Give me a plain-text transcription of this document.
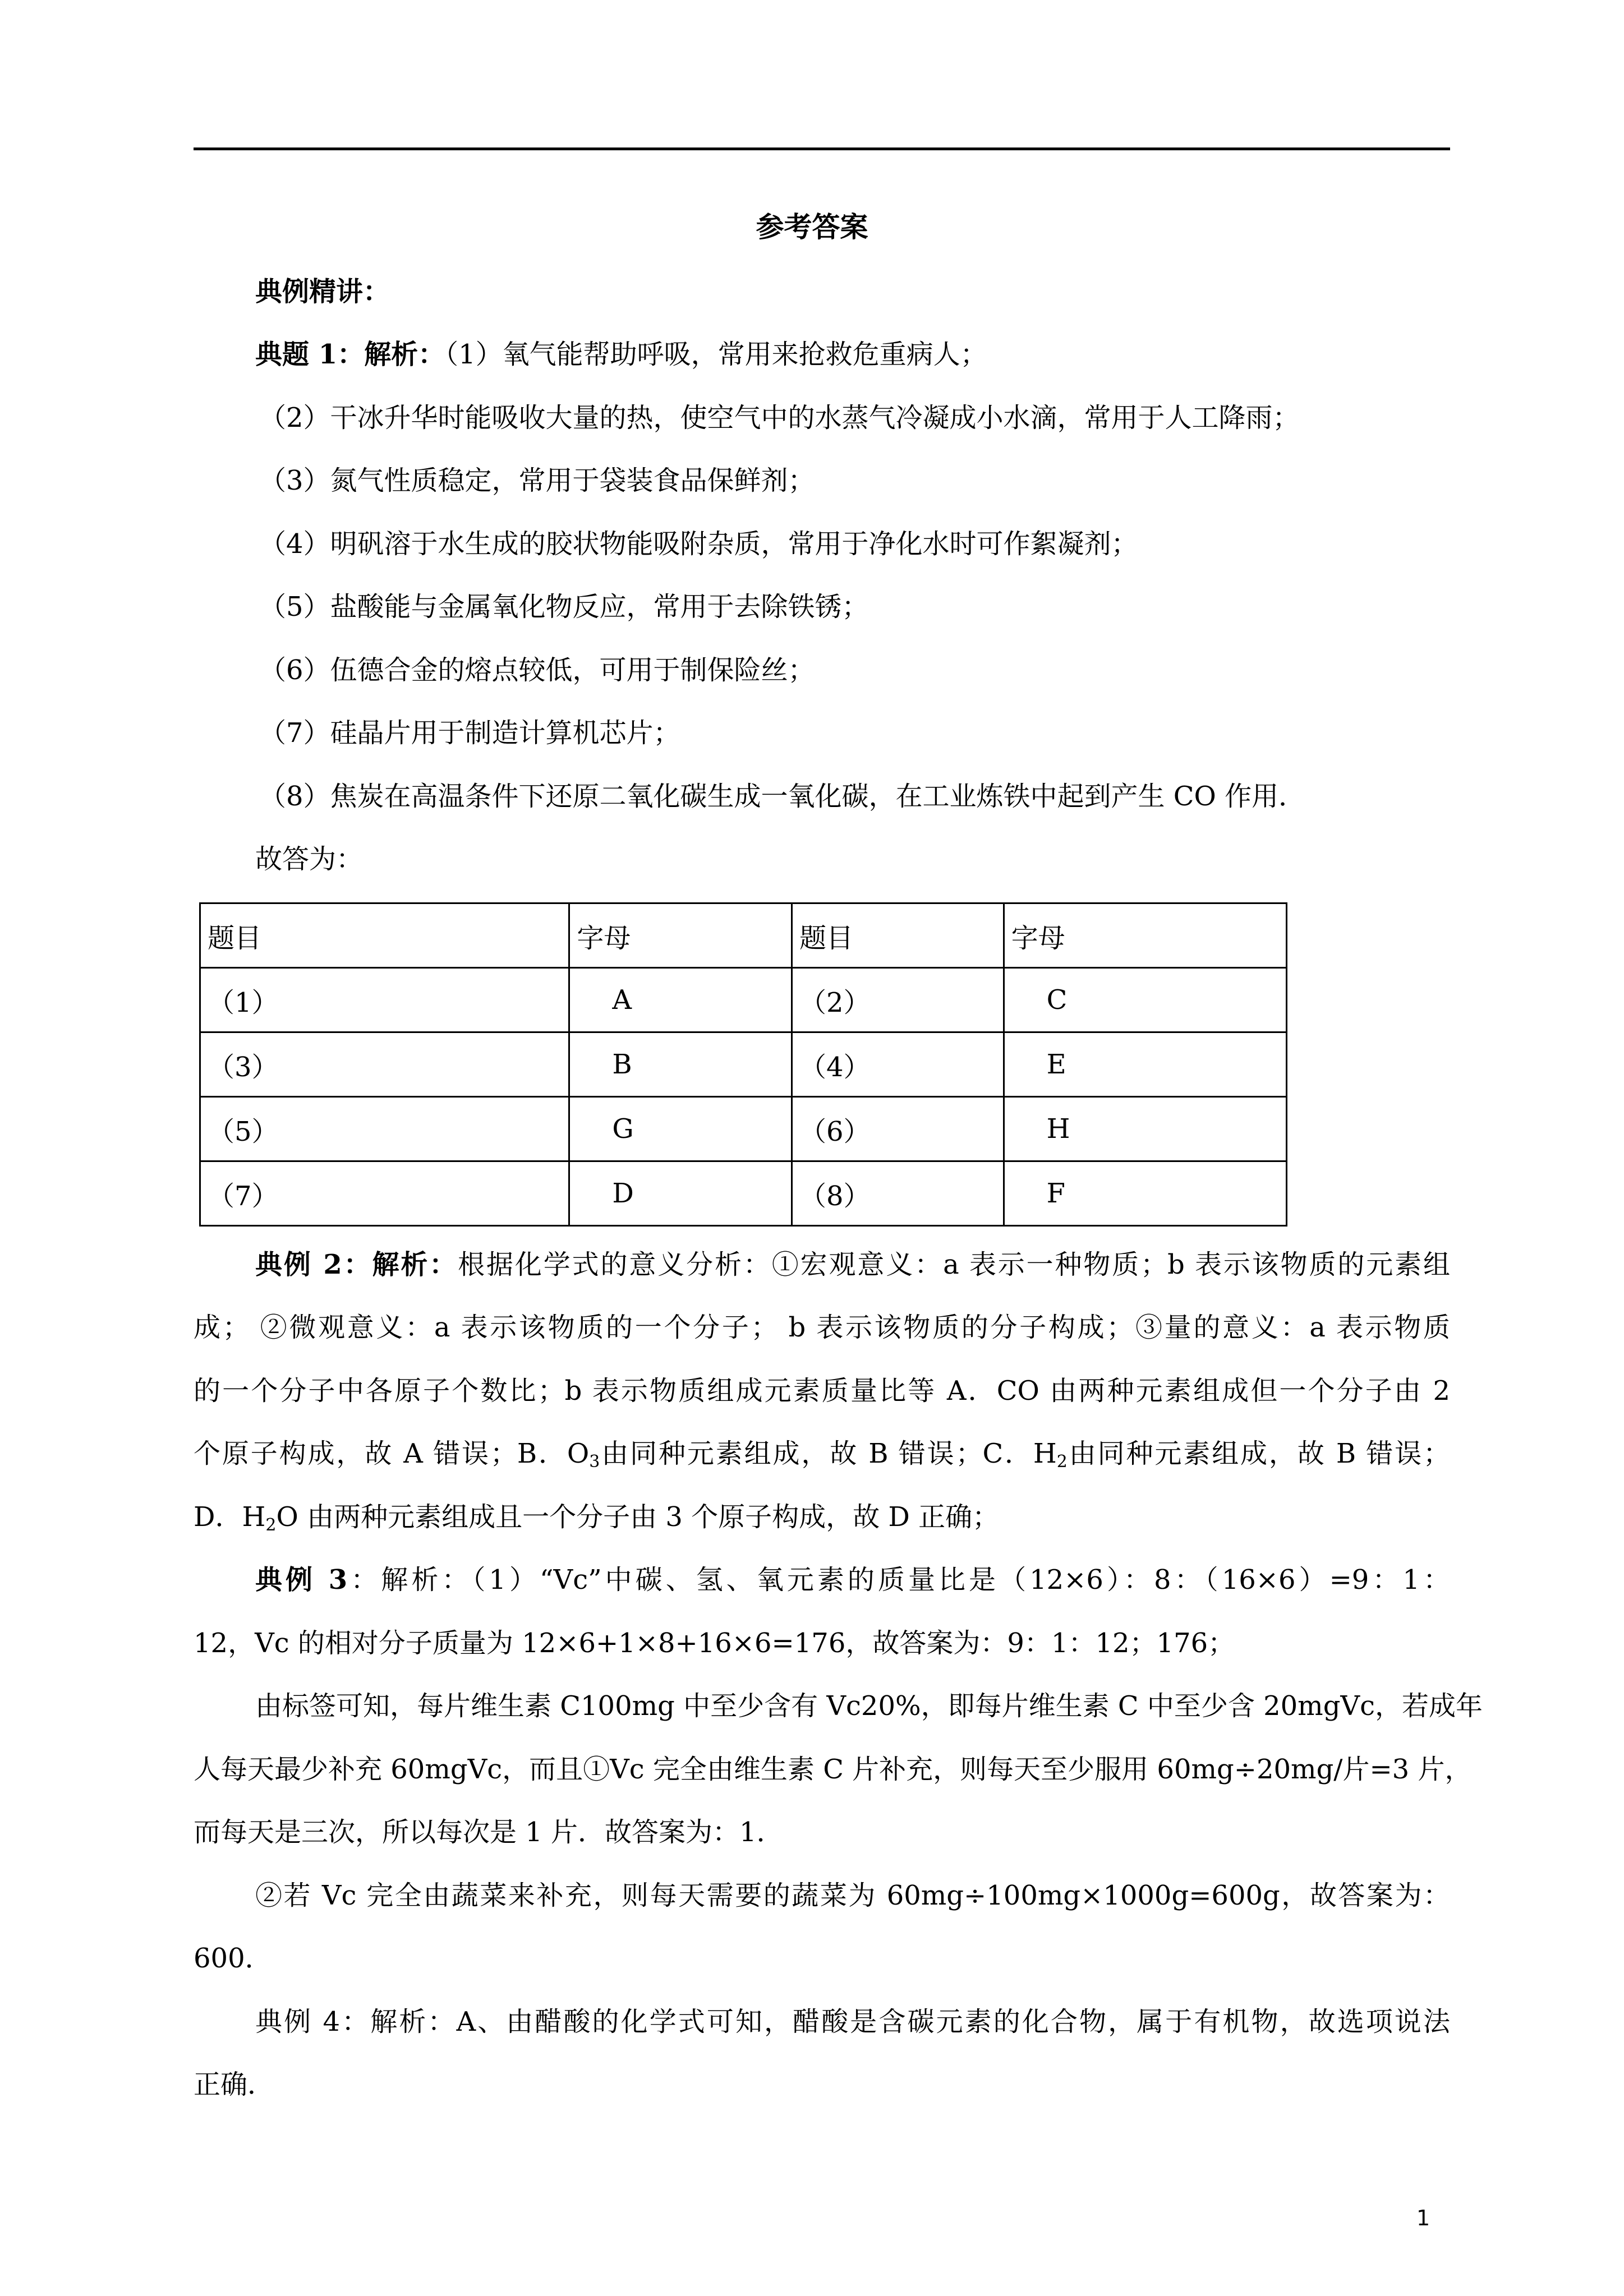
参考答案
典例精讲：
典题 1：解析：（1）氧气能帮助呼吸，常用来抢救危重病人；
（2）干冰升华时能吸收大量的热，使空气中的水蒸气冷凝成小水滴，常用于人工降雨；
（3）氮气性质稳定，常用于袋装食品保鲜剂；
（4）明矾溶于水生成的胶状物能吸附杂质，常用于净化水时可作絮凝剂；
（5）盐酸能与金属氧化物反应，常用于去除铁锈；
（6）伍德合金的熔点较低，可用于制保险丝；
（7）硅晶片用于制造计算机芯片；
（8）焦炭在高温条件下还原二氧化碳生成一氧化碳，在工业炼铁中起到产生 CO 作用．
故答为：
题目	字母	题目	字母
（1）	A	（2）	C
（3）	B	（4）	E
（5）	G	（6）	H
（7）	D	（8）	F
典例 2：解析：根据化学式的意义分析：①宏观意义：a 表示一种物质；b 表示该物质的元素组
成； ②微观意义：a 表示该物质的一个分子； b 表示该物质的分子构成；③量的意义：a 表示物质
的一个分子中各原子个数比；b 表示物质组成元素质量比等 A．CO 由两种元素组成但一个分子由 2
个原子构成，故 A 错误；B．$O_3$由同种元素组成，故 B 错误；C．$H_2$由同种元素组成，故 B 错误；
D．$H_2O$ 由两种元素组成且一个分子由 3 个原子构成，故 D 正确；
典例 3：解析：（1）“Vc”中碳、氢、氧元素的质量比是（12×6）：8：（16×6）=9：1：
12，Vc 的相对分子质量为 12×6+1×8+16×6=176，故答案为：9：1：12；176；
由标签可知，每片维生素 C100mg 中至少含有 Vc20%，即每片维生素 C 中至少含 20mgVc，若成年
人每天最少补充 60mgVc，而且①Vc 完全由维生素 C 片补充，则每天至少服用 60mg÷20mg/片=3 片，
而每天是三次，所以每次是 1 片．故答案为：1．
②若 Vc 完全由蔬菜来补充，则每天需要的蔬菜为 60mg÷100mg×1000g=600g，故答案为：
600．
典例 4：解析：A、由醋酸的化学式可知，醋酸是含碳元素的化合物，属于有机物，故选项说法
正确．
1
